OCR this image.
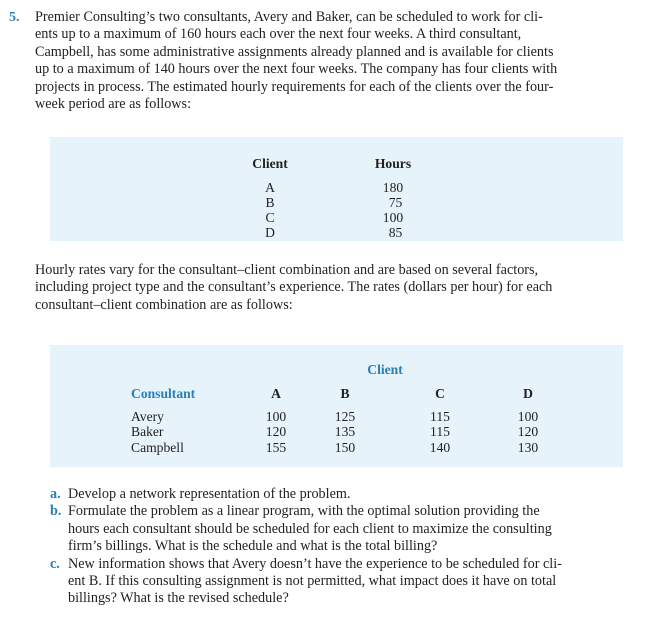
5. Premier Consulting’s two consultants, Avery and Baker, can be scheduled to work for cli-
ents up to a maximum of 160 hours each over the next four weeks. A third consultant,
Campbell, has some administrative assignments already planned and is available for clients
up to a maximum of 140 hours over the next four weeks. The company has four clients with
projects in process. The estimated hourly requirements for each of the clients over the four-
week period are as follows:
Client	Hours
A	180
B	75
C	100
D	85
Hourly rates vary for the consultant–client combination and are based on several factors,
including project type and the consultant’s experience. The rates (dollars per hour) for each
consultant–client combination are as follows:
Client
Consultant	A	B	C	D
Avery	100	125	115	100
Baker	120	135	115	120
Campbell	155	150	140	130
a. Develop a network representation of the problem.
b. Formulate the problem as a linear program, with the optimal solution providing the
hours each consultant should be scheduled for each client to maximize the consulting
firm’s billings. What is the schedule and what is the total billing?
c. New information shows that Avery doesn’t have the experience to be scheduled for cli-
ent B. If this consulting assignment is not permitted, what impact does it have on total
billings? What is the revised schedule?
